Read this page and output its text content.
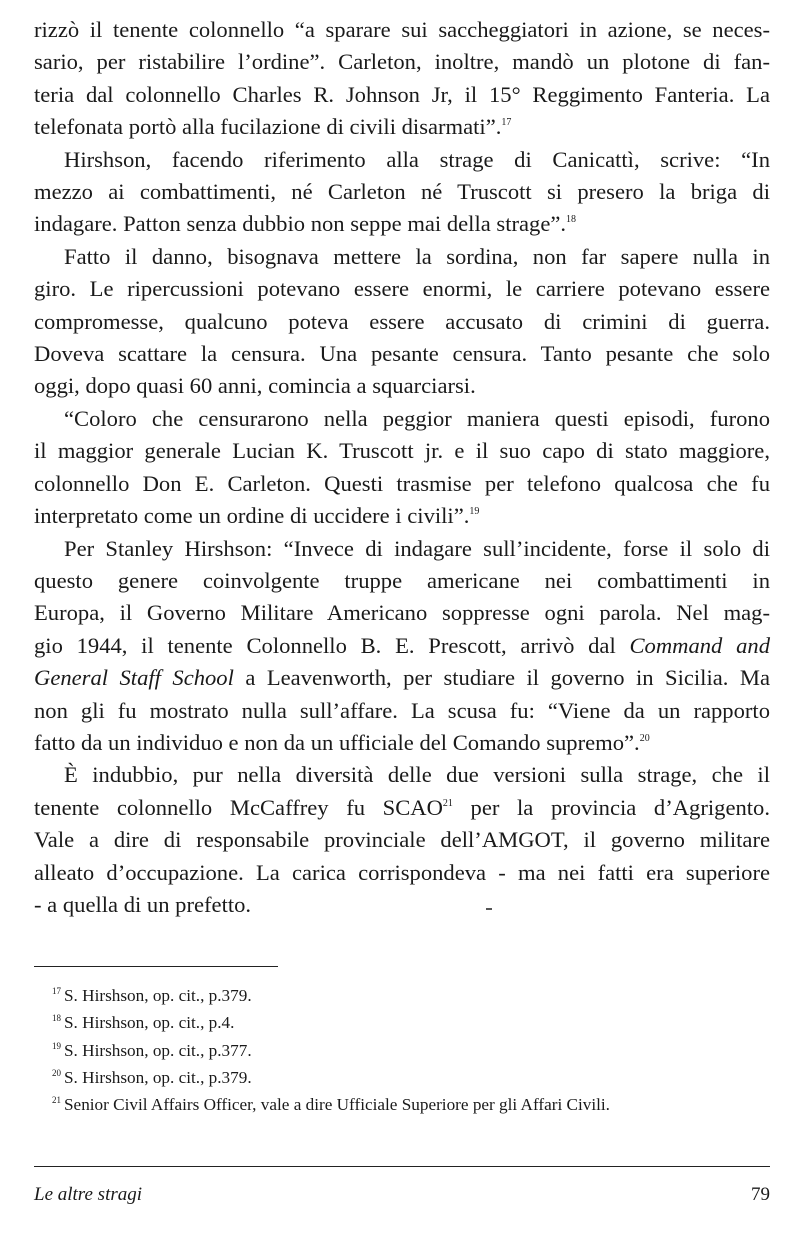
rizzò il tenente colonnello “a sparare sui saccheggiatori in azione, se neces-
sario, per ristabilire l’ordine”. Carleton, inoltre, mandò un plotone di fan-
teria dal colonnello Charles R. Johnson Jr, il 15° Reggimento Fanteria. La
telefonata portò alla fucilazione di civili disarmati”.$^{17}$

Hirshson, facendo riferimento alla strage di Canicattì, scrive: “In
mezzo ai combattimenti, né Carleton né Truscott si presero la briga di
indagare. Patton senza dubbio non seppe mai della strage”.$^{18}$

Fatto il danno, bisognava mettere la sordina, non far sapere nulla in
giro. Le ripercussioni potevano essere enormi, le carriere potevano essere
compromesse, qualcuno poteva essere accusato di crimini di guerra.
Doveva scattare la censura. Una pesante censura. Tanto pesante che solo
oggi, dopo quasi 60 anni, comincia a squarciarsi.

“Coloro che censurarono nella peggior maniera questi episodi, furono
il maggior generale Lucian K. Truscott jr. e il suo capo di stato maggiore,
colonnello Don E. Carleton. Questi trasmise per telefono qualcosa che fu
interpretato come un ordine di uccidere i civili”.$^{19}$

Per Stanley Hirshson: “Invece di indagare sull’incidente, forse il solo di
questo genere coinvolgente truppe americane nei combattimenti in
Europa, il Governo Militare Americano soppresse ogni parola. Nel mag-
gio 1944, il tenente Colonnello B. E. Prescott, arrivò dal Command and
General Staff School a Leavenworth, per studiare il governo in Sicilia. Ma
non gli fu mostrato nulla sull’affare. La scusa fu: “Viene da un rapporto
fatto da un individuo e non da un ufficiale del Comando supremo”.$^{20}$

È indubbio, pur nella diversità delle due versioni sulla strage, che il
tenente colonnello McCaffrey fu SCAO$^{21}$ per la provincia d’Agrigento.
Vale a dire di responsabile provinciale dell’AMGOT, il governo militare
alleato d’occupazione. La carica corrispondeva - ma nei fatti era superiore
- a quella di un prefetto.

$^{17}$ S. Hirshson, op. cit., p.379.

$^{18}$ S. Hirshson, op. cit., p.4.

$^{19}$ S. Hirshson, op. cit., p.377.

$^{20}$ S. Hirshson, op. cit., p.379.

$^{21}$ Senior Civil Affairs Officer, vale a dire Ufficiale Superiore per gli Affari Civili.

Le altre stragi	79
